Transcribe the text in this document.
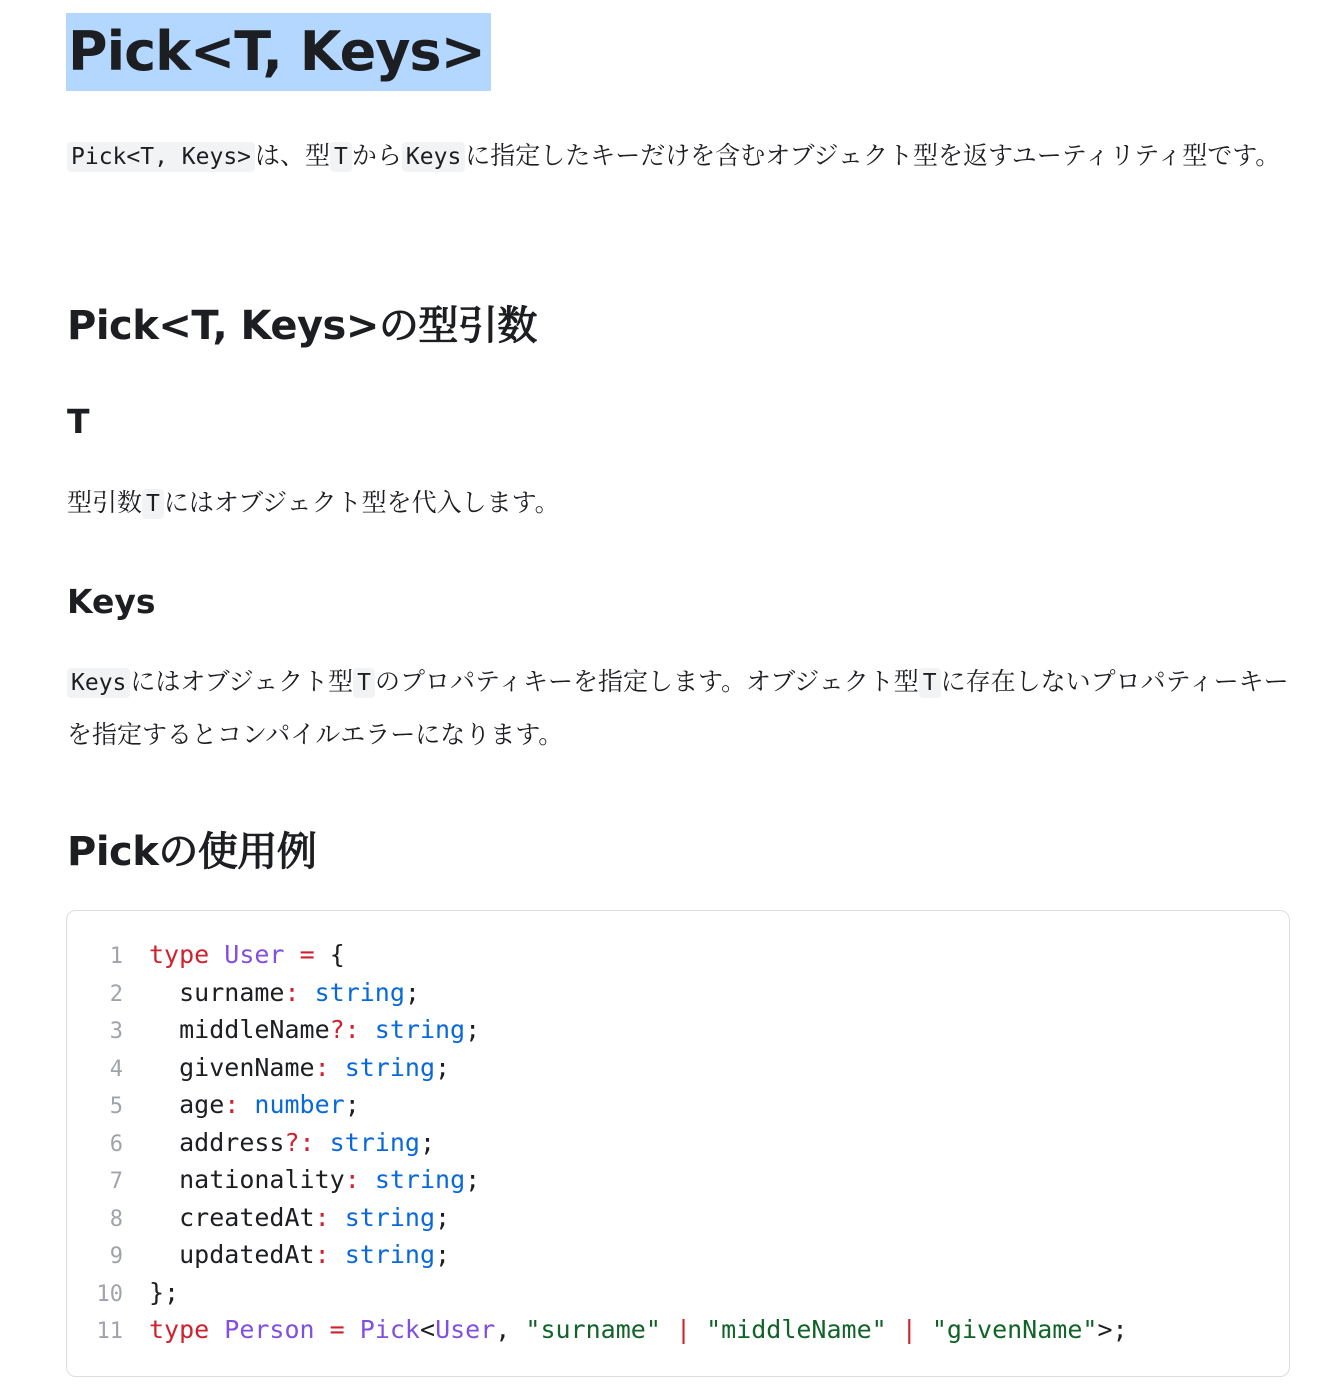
Pick<T, Keys>

Pick<T, Keys> は、型 T から Keys に指定したキーだけを含むオブジェクト型を返すユーティリティ型です。

Pick<T, Keys>の型引数
T

型引数 T にはオブジェクト型を代入します。

Keys

Keys にはオブジェクト型 T のプロパティキーを指定します。オブジェクト型 T に存在しないプロパティーキーを指定するとコンパイルエラーになります。

Pickの使用例
1 type User = {
2 surname: string;
3 middleName?: string;
4 givenName: string;
5 age: number;
6 address?: string;
7 nationality: string;
8 createdAt: string;
9 updatedAt: string;
10 };
11 type Person = Pick<User, "surname" | "middleName" | "givenName">;
